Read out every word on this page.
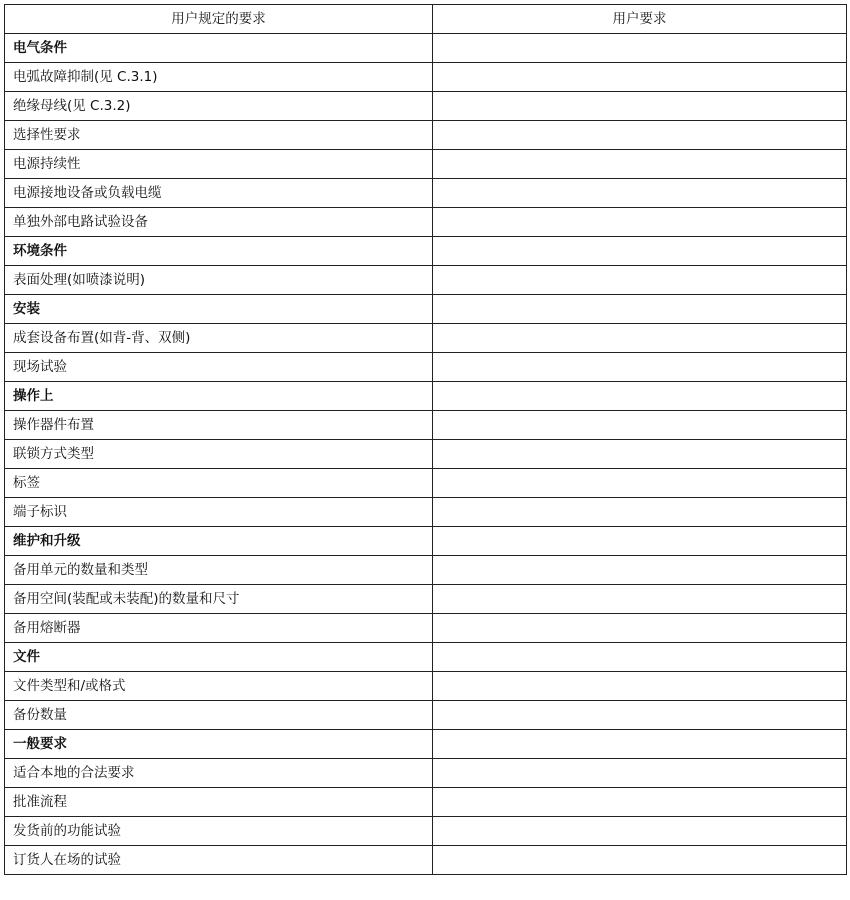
用户规定的要求	用户要求
电气条件	
电弧故障抑制(见 C.3.1)	
绝缘母线(见 C.3.2)	
选择性要求	
电源持续性	
电源接地设备或负载电缆	
单独外部电路试验设备	
环境条件	
表面处理(如喷漆说明)	
安装	
成套设备布置(如背-背、双侧)	
现场试验	
操作上	
操作器件布置	
联锁方式类型	
标签	
端子标识	
维护和升级	
备用单元的数量和类型	
备用空间(装配或未装配)的数量和尺寸	
备用熔断器	
文件	
文件类型和/或格式	
备份数量	
一般要求	
适合本地的合法要求	
批准流程	
发货前的功能试验	
订货人在场的试验	
